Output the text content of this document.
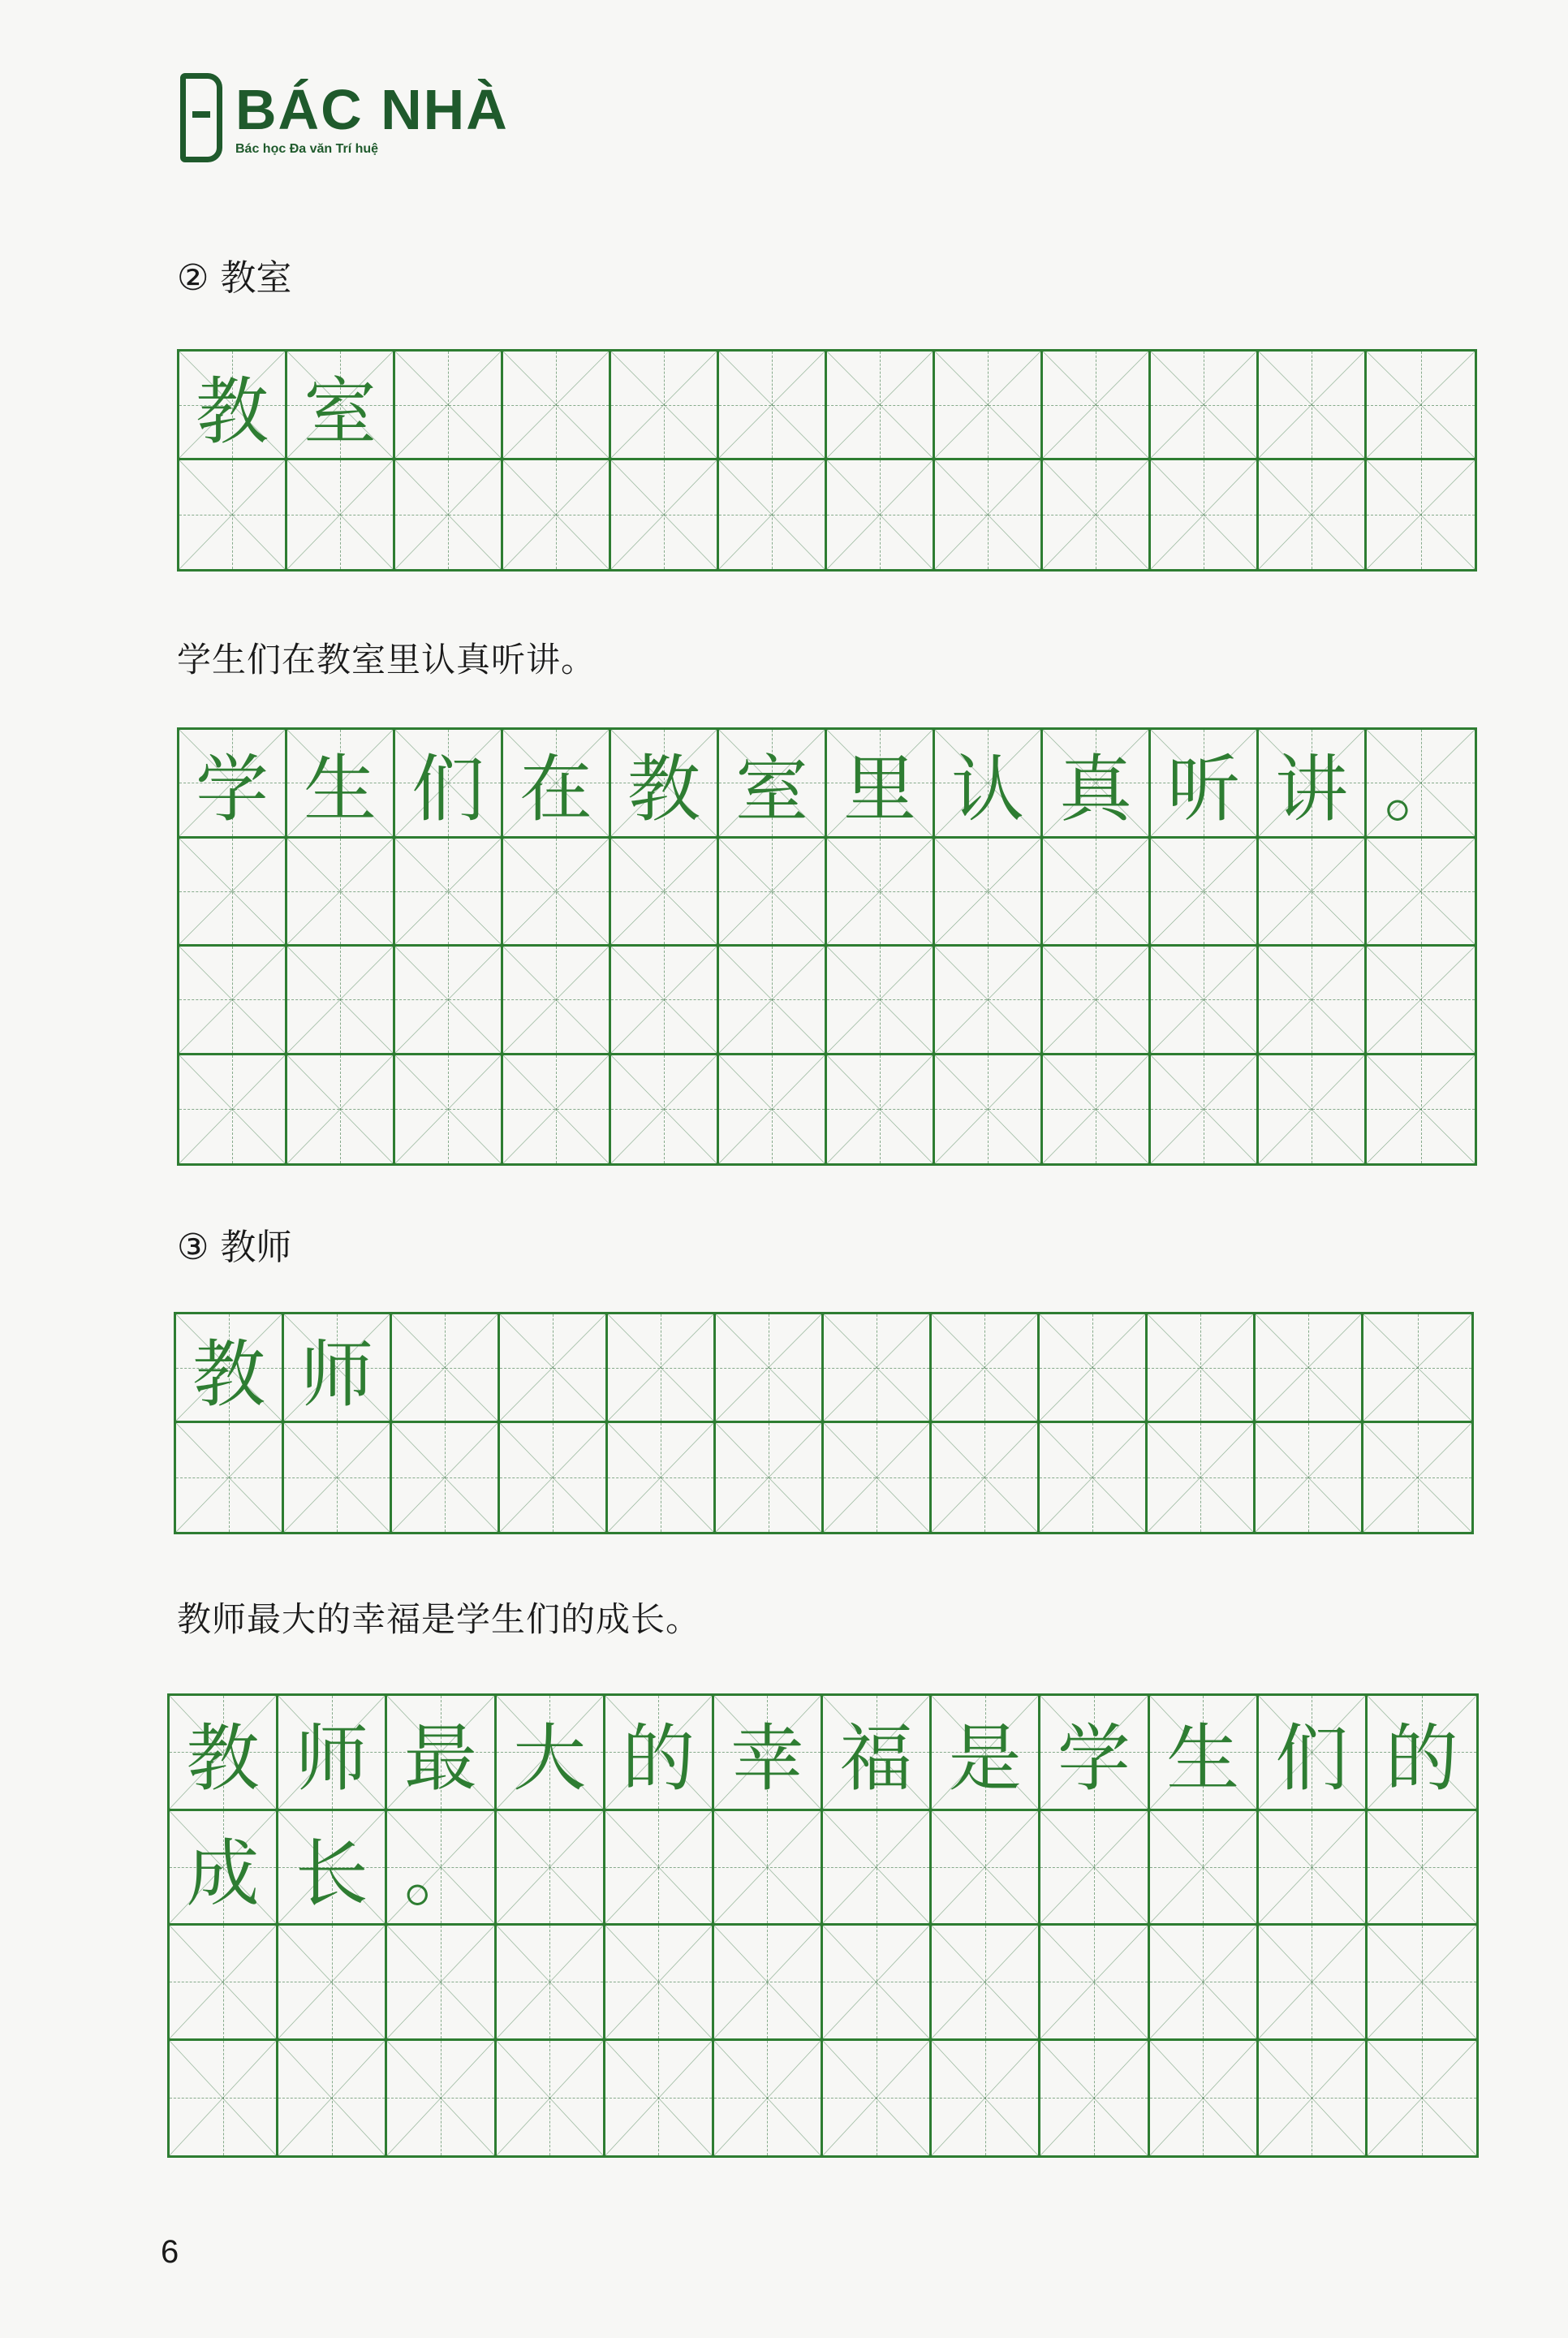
BÁC NHÀ
Bác học Đa văn Trí huệ
② 教室
教 室
学生们在教室里认真听讲。
学 生 们 在 教 室 里 认 真 听 讲 。
③ 教师
教 师
教师最大的幸福是学生们的成长。
教 师 最 大 的 幸 福 是 学 生 们 的
成 长 。
6
